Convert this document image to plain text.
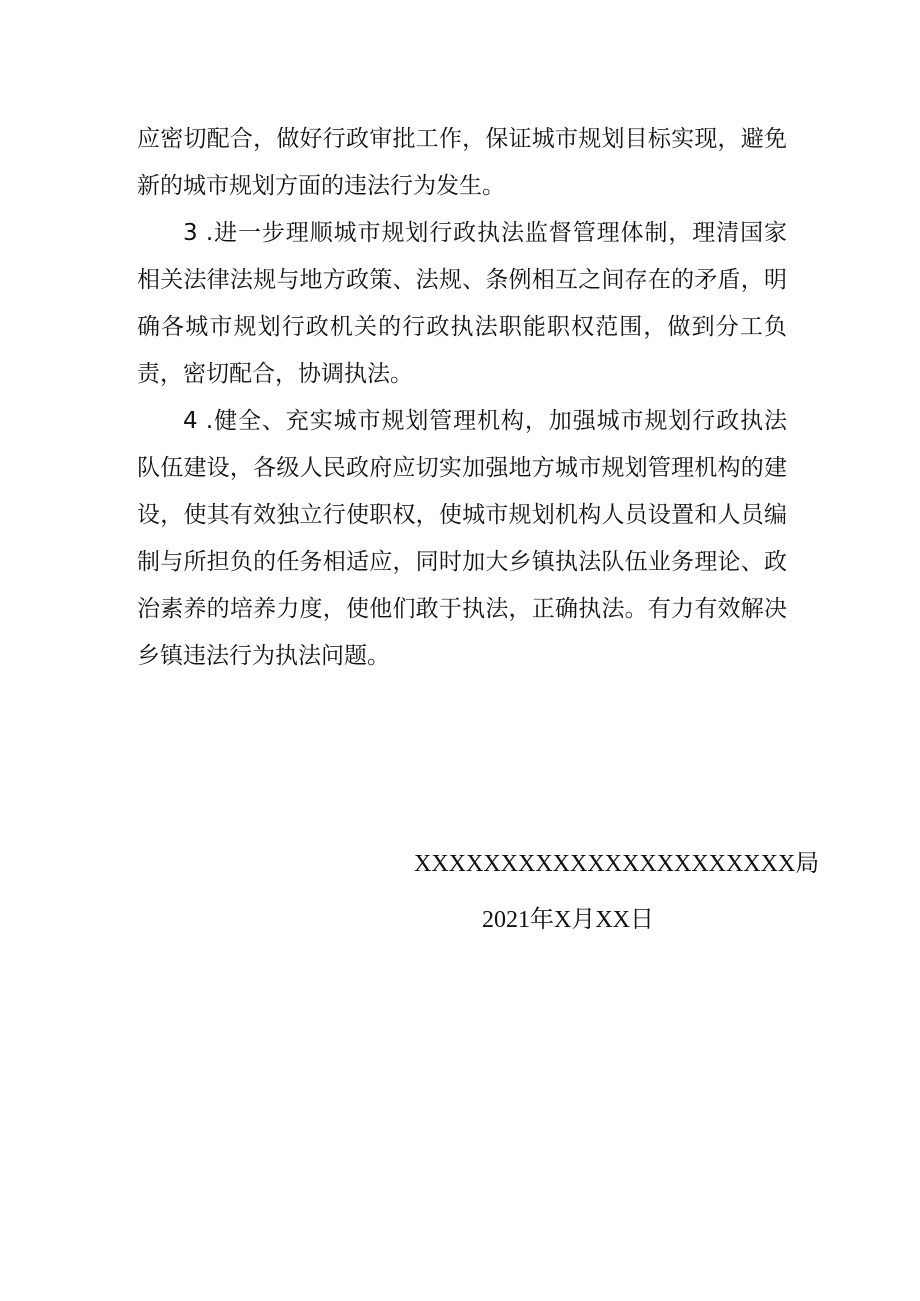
应密切配合，做好行政审批工作，保证城市规划目标实现，避免新的城市规划方面的违法行为发生。

3 .进一步理顺城市规划行政执法监督管理体制，理清国家相关法律法规与地方政策、法规、条例相互之间存在的矛盾，明确各城市规划行政机关的行政执法职能职权范围，做到分工负责，密切配合，协调执法。

4 .健全、充实城市规划管理机构，加强城市规划行政执法队伍建设，各级人民政府应切实加强地方城市规划管理机构的建设，使其有效独立行使职权，使城市规划机构人员设置和人员编制与所担负的任务相适应，同时加大乡镇执法队伍业务理论、政治素养的培养力度，使他们敢于执法，正确执法。有力有效解决乡镇违法行为执法问题。

XXXXXXXXXXXXXXXXXXXXXX局
2021年X月XX日
